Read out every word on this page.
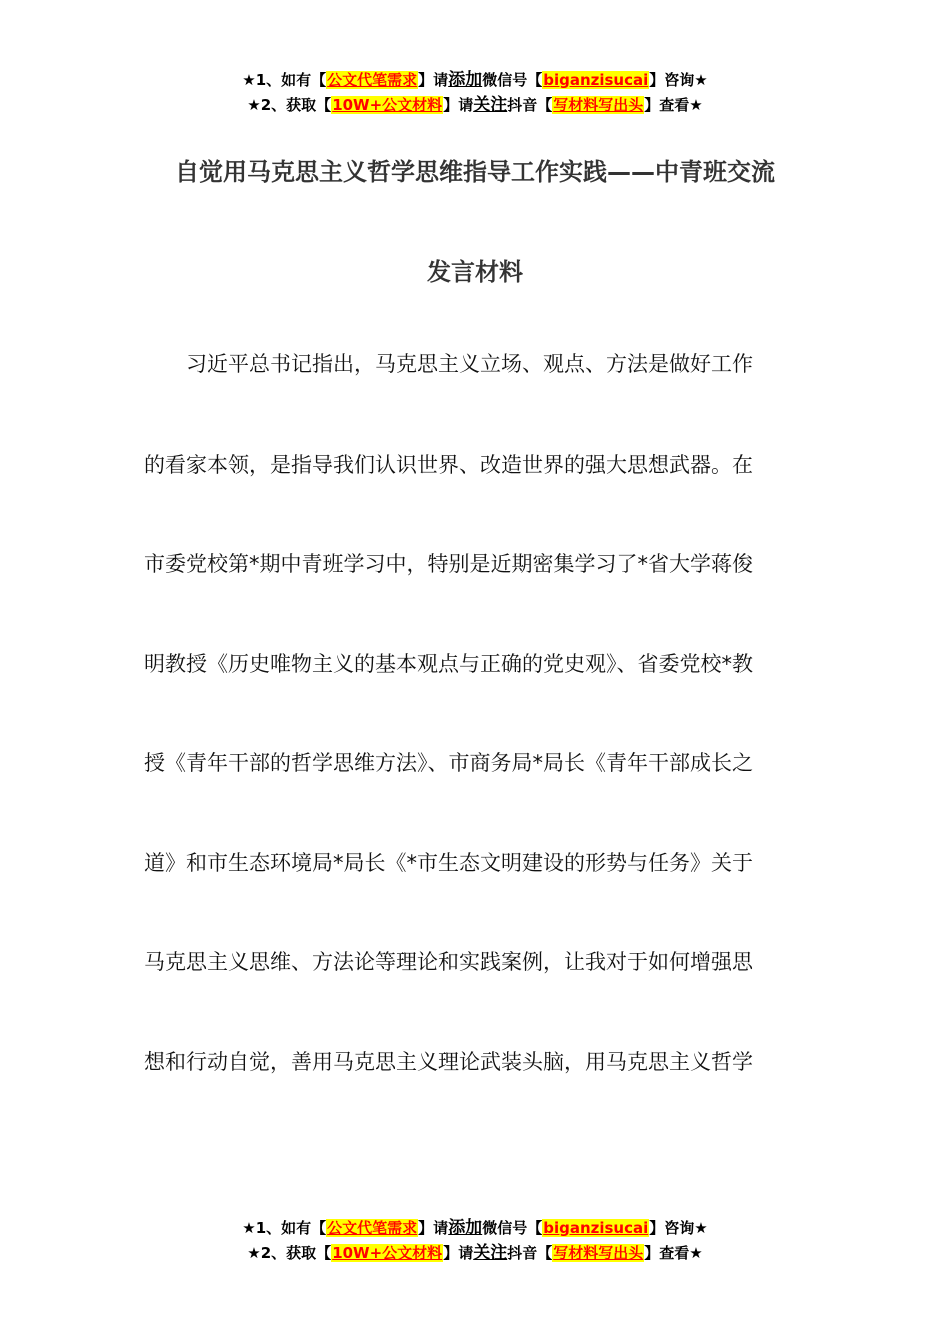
★1、如有【公文代笔需求】请添加微信号【biganzisucai】咨询★
★2、获取【10W+公文材料】请关注抖音【写材料写出头】查看★
自觉用马克思主义哲学思维指导工作实践——中青班交流
发言材料
　　习近平总书记指出，马克思主义立场、观点、方法是做好工作
的看家本领，是指导我们认识世界、改造世界的强大思想武器。在
市委党校第*期中青班学习中，特别是近期密集学习了*省大学蒋俊
明教授《历史唯物主义的基本观点与正确的党史观》、省委党校*教
授《青年干部的哲学思维方法》、市商务局*局长《青年干部成长之
道》和市生态环境局*局长《*市生态文明建设的形势与任务》关于
马克思主义思维、方法论等理论和实践案例，让我对于如何增强思
想和行动自觉，善用马克思主义理论武装头脑，用马克思主义哲学
★1、如有【公文代笔需求】请添加微信号【biganzisucai】咨询★
★2、获取【10W+公文材料】请关注抖音【写材料写出头】查看★
